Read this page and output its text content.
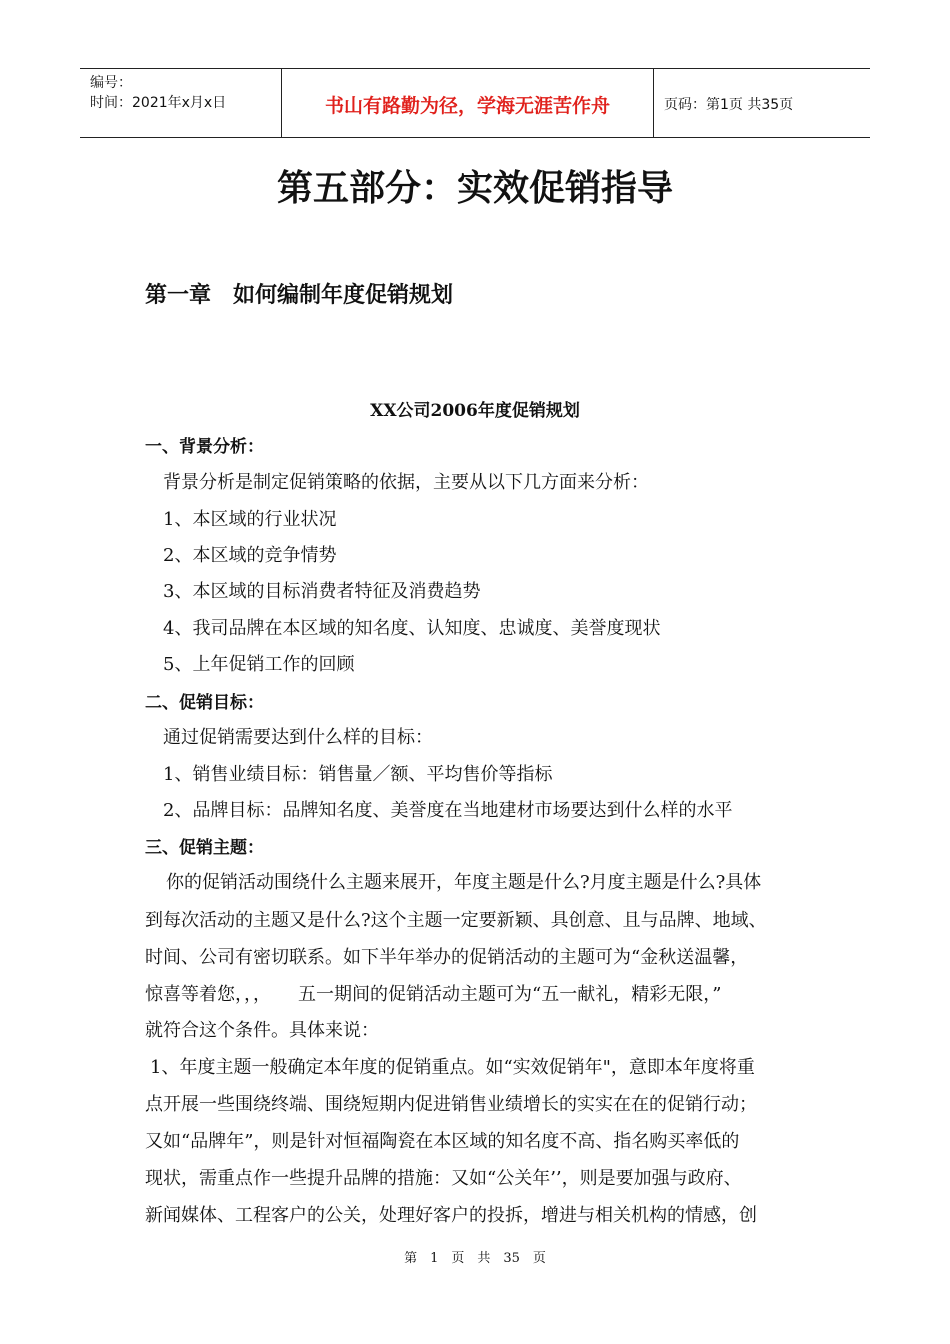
编号：
时间：2021年x月x日	书山有路勤为径，学海无涯苦作舟	页码：第1页 共35页
第五部分：实效促销指导
第一章　如何编制年度促销规划
XX公司2006年度促销规划
一、背景分析：
背景分析是制定促销策略的依据，主要从以下几方面来分析：
1、本区域的行业状况
2、本区域的竞争情势
3、本区域的目标消费者特征及消费趋势
4、我司品牌在本区域的知名度、认知度、忠诚度、美誉度现状
5、上年促销工作的回顾
二、促销目标：
通过促销需要达到什么样的目标：
1、销售业绩目标：销售量／额、平均售价等指标
2、品牌目标：品牌知名度、美誉度在当地建材市场要达到什么样的水平
三、促销主题：
你的促销活动围绕什么主题来展开，年度主题是什么?月度主题是什么?具体
到每次活动的主题又是什么?这个主题一定要新颖、具创意、且与品牌、地域、
时间、公司有密切联系。如下半年举办的促销活动的主题可为“金秋送温馨，
惊喜等着您，，，　　五一期间的促销活动主题可为“五一献礼，精彩无限，”
就符合这个条件。具体来说：
1、年度主题一般确定本年度的促销重点。如“实效促销年"，意即本年度将重
点开展一些围绕终端、围绕短期内促进销售业绩增长的实实在在的促销行动；
又如“品牌年”，则是针对恒福陶瓷在本区域的知名度不高、指名购买率低的
现状，需重点作一些提升品牌的措施：又如“公关年’’，则是要加强与政府、
新闻媒体、工程客户的公关，处理好客户的投拆，增进与相关机构的情感，创
第　1　页　共　35　页
